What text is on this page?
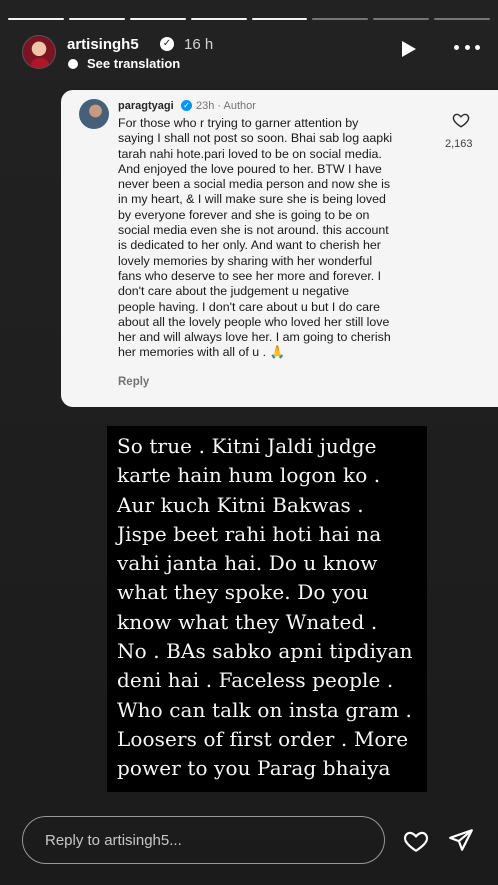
artisingh5 ✓ 16 h
See translation
paragtyagi ✓ 23h · Author
For those who r trying to garner attention by
saying I shall not post so soon. Bhai sab log aapki
tarah nahi hote.pari loved to be on social media.
And enjoyed the love poured to her. BTW I have
never been a social media person and now she is
in my heart, & I will make sure she is being loved
by everyone forever and she is going to be on
social media even she is not around. this account
is dedicated to her only. And want to cherish her
lovely memories by sharing with her wonderful
fans who deserve to see her more and forever. I
don't care about the judgement u negative
people having. I don't care about u but I do care
about all the lovely people who loved her still love
her and will always love her. I am going to cherish
her memories with all of u . 🙏
Reply
2,163
So true . Kitni Jaldi judge
karte hain hum logon ko .
Aur kuch Kitni Bakwas .
Jispe beet rahi hoti hai na
vahi janta hai. Do u know
what they spoke. Do you
know what they Wnated .
No . BAs sabko apni tipdiyan
deni hai . Faceless people .
Who can talk on insta gram .
Loosers of first order . More
power to you Parag bhaiya
Reply to artisingh5...
